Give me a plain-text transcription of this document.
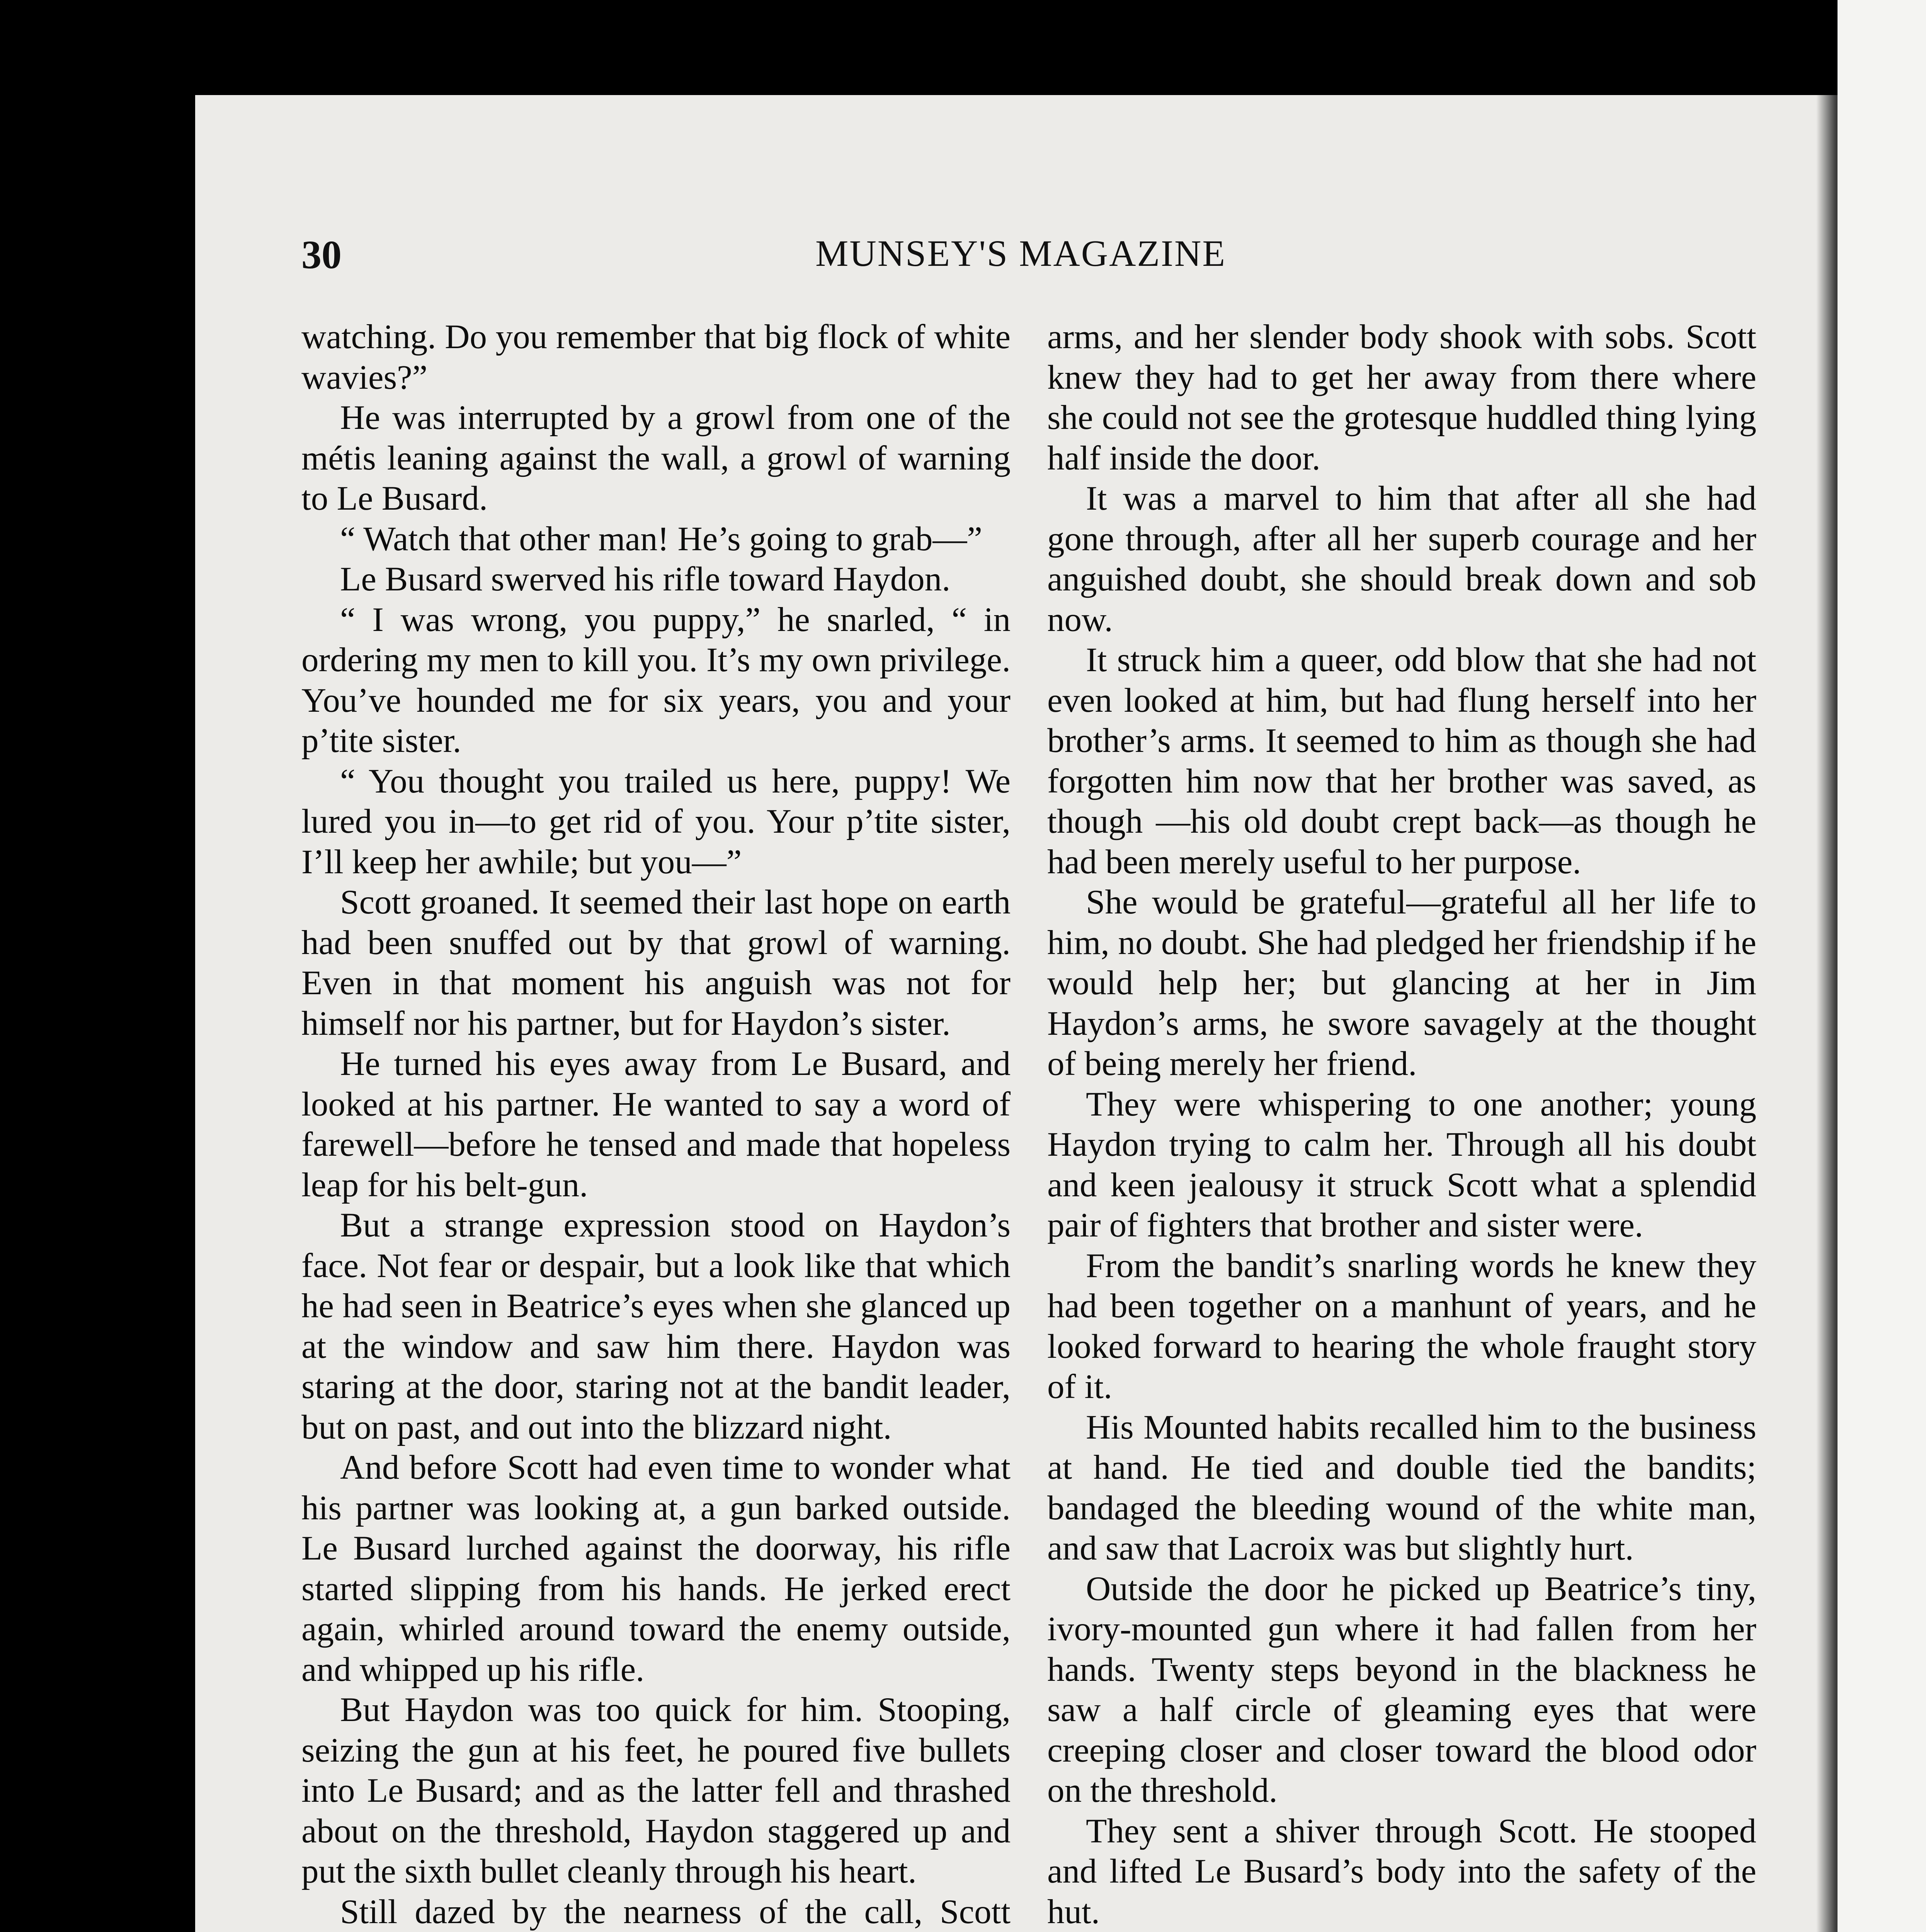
30	MUNSEY'S MAGAZINE

watching. Do you remember that big flock of white wavies?”

He was interrupted by a growl from one of the métis leaning against the wall, a growl of warning to Le Busard.

“ Watch that other man! He’s going to grab—”

Le Busard swerved his rifle toward Haydon.

“ I was wrong, you puppy,” he snarled, “ in ordering my men to kill you. It’s my own privilege. You’ve hounded me for six years, you and your p’tite sister.

“ You thought you trailed us here, puppy! We lured you in—to get rid of you. Your p’tite sister, I’ll keep her awhile; but you—”

Scott groaned. It seemed their last hope on earth had been snuffed out by that growl of warning. Even in that moment his anguish was not for himself nor his partner, but for Haydon’s sister.

He turned his eyes away from Le Busard, and looked at his partner. He wanted to say a word of farewell—before he tensed and made that hopeless leap for his belt-gun.

But a strange expression stood on Haydon’s face. Not fear or despair, but a look like that which he had seen in Beatrice’s eyes when she glanced up at the window and saw him there. Haydon was staring at the door, staring not at the bandit leader, but on past, and out into the blizzard night.

And before Scott had even time to wonder what his partner was looking at, a gun barked outside. Le Busard lurched against the doorway, his rifle started slipping from his hands. He jerked erect again, whirled around toward the enemy outside, and whipped up his rifle.

But Haydon was too quick for him. Stooping, seizing the gun at his feet, he poured five bullets into Le Busard; and as the latter fell and thrashed about on the threshold, Haydon staggered up and put the sixth bullet cleanly through his heart.

Still dazed by the nearness of the call, Scott

arms, and her slender body shook with sobs. Scott knew they had to get her away from there where she could not see the grotesque huddled thing lying half inside the door.

It was a marvel to him that after all she had gone through, after all her superb courage and her anguished doubt, she should break down and sob now.

It struck him a queer, odd blow that she had not even looked at him, but had flung herself into her brother’s arms. It seemed to him as though she had forgotten him now that her brother was saved, as though —his old doubt crept back—as though he had been merely useful to her purpose.

She would be grateful—grateful all her life to him, no doubt. She had pledged her friendship if he would help her; but glancing at her in Jim Haydon’s arms, he swore savagely at the thought of being merely her friend.

They were whispering to one another; young Haydon trying to calm her. Through all his doubt and keen jealousy it struck Scott what a splendid pair of fighters that brother and sister were.

From the bandit’s snarling words he knew they had been together on a manhunt of years, and he looked forward to hearing the whole fraught story of it.

His Mounted habits recalled him to the business at hand. He tied and double tied the bandits; bandaged the bleeding wound of the white man, and saw that Lacroix was but slightly hurt.

Outside the door he picked up Beatrice’s tiny, ivory-mounted gun where it had fallen from her hands. Twenty steps beyond in the blackness he saw a half circle of gleaming eyes that were creeping closer and closer toward the blood odor on the threshold.

They sent a shiver through Scott. He stooped and lifted Le Busard’s body into the safety of the hut.
